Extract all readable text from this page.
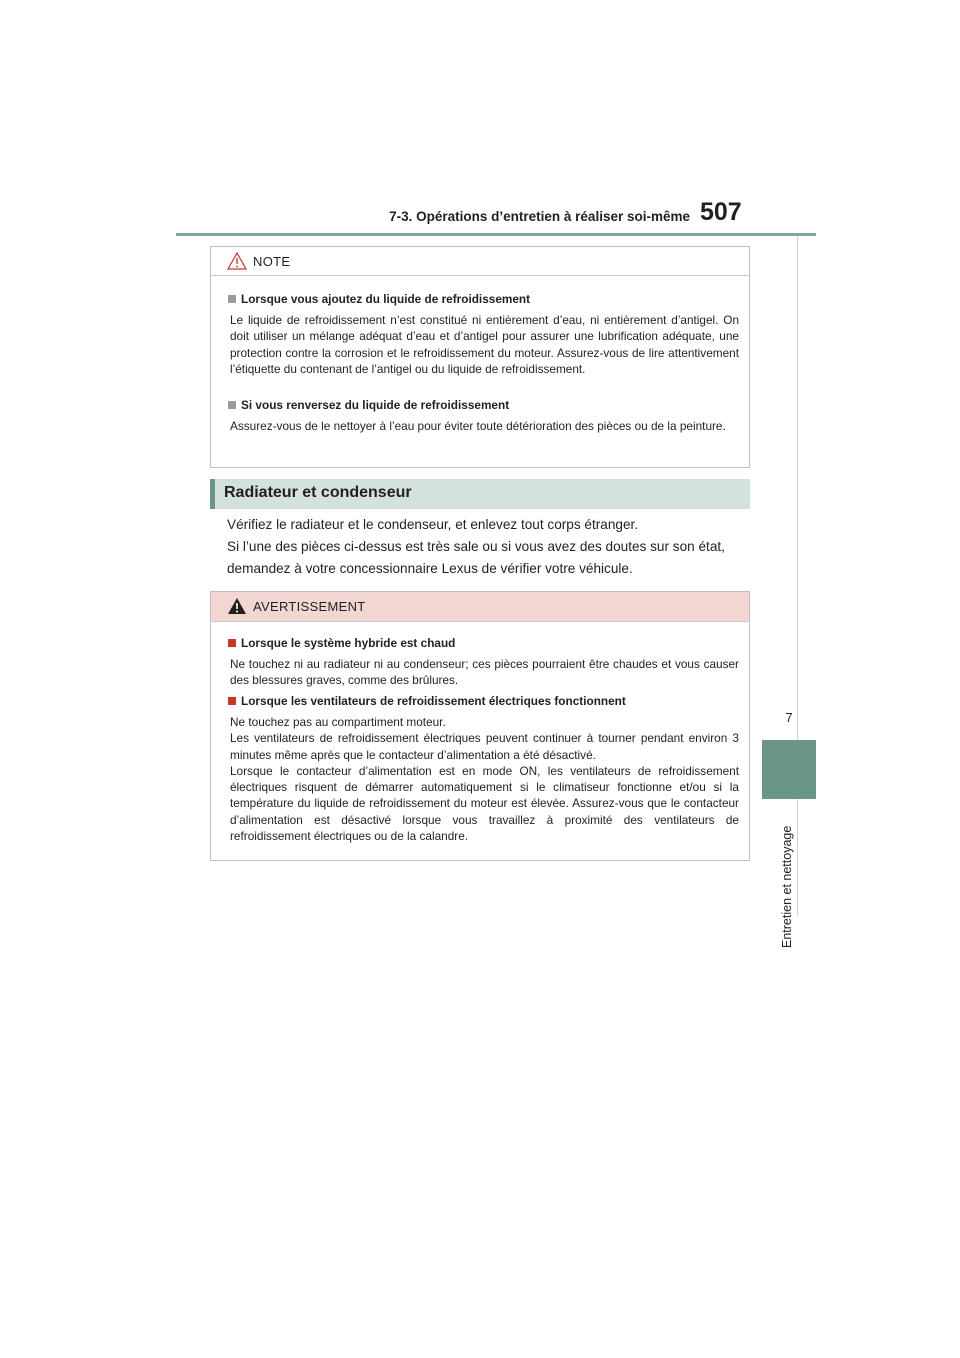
7-3. Opérations d’entretien à réaliser soi-même 507
7
Entretien et nettoyage
NOTE
Lorsque vous ajoutez du liquide de refroidissement
Le liquide de refroidissement n’est constitué ni entièrement d’eau, ni entièrement d’antigel. On doit utiliser un mélange adéquat d’eau et d’antigel pour assurer une lubrification adéquate, une protection contre la corrosion et le refroidissement du moteur. Assurez-vous de lire attentivement l’étiquette du contenant de l’antigel ou du liquide de refroidissement.
Si vous renversez du liquide de refroidissement
Assurez-vous de le nettoyer à l’eau pour éviter toute détérioration des pièces ou de la peinture.
Radiateur et condenseur
Vérifiez le radiateur et le condenseur, et enlevez tout corps étranger.
Si l’une des pièces ci-dessus est très sale ou si vous avez des doutes sur son état, demandez à votre concessionnaire Lexus de vérifier votre véhicule.
AVERTISSEMENT
Lorsque le système hybride est chaud
Ne touchez ni au radiateur ni au condenseur; ces pièces pourraient être chaudes et vous causer des blessures graves, comme des brûlures.
Lorsque les ventilateurs de refroidissement électriques fonctionnent
Ne touchez pas au compartiment moteur.
Les ventilateurs de refroidissement électriques peuvent continuer à tourner pendant environ 3 minutes même après que le contacteur d’alimentation a été désactivé.
Lorsque le contacteur d’alimentation est en mode ON, les ventilateurs de refroidissement électriques risquent de démarrer automatiquement si le climatiseur fonctionne et/ou si la température du liquide de refroidissement du moteur est élevée. Assurez-vous que le contacteur d’alimentation est désactivé lorsque vous travaillez à proximité des ventilateurs de refroidissement électriques ou de la calandre.
